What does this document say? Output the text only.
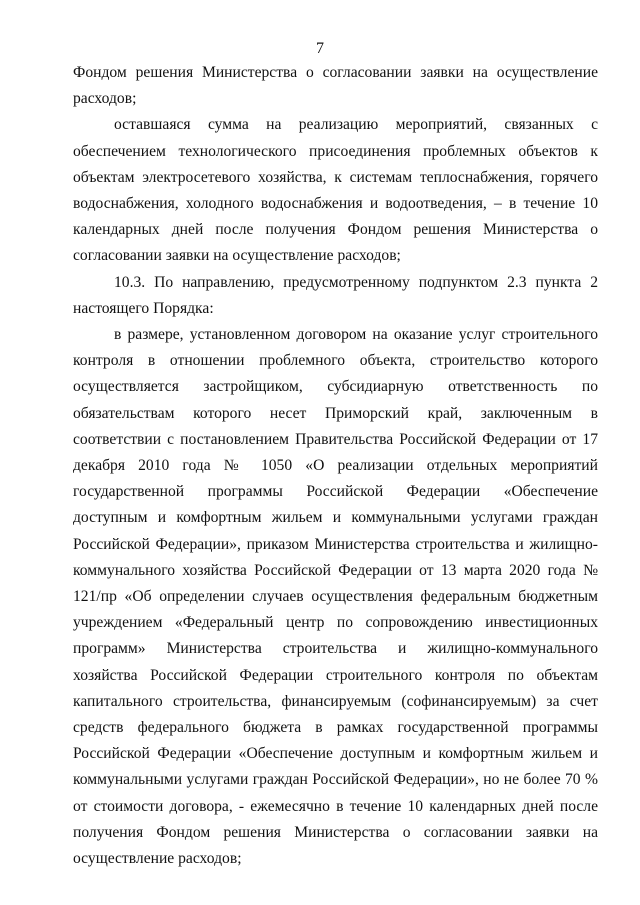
7

Фондом решения Министерства о согласовании заявки на осуществление расходов;

оставшаяся сумма на реализацию мероприятий, связанных с обеспечением технологического присоединения проблемных объектов к объектам электросетевого хозяйства, к системам теплоснабжения, горячего водоснабжения, холодного водоснабжения и водоотведения, – в течение 10 календарных дней после получения Фондом решения Министерства о согласовании заявки на осуществление расходов;

10.3. По направлению, предусмотренному подпунктом 2.3 пункта 2 настоящего Порядка:

в размере, установленном договором на оказание услуг строительного контроля в отношении проблемного объекта, строительство которого осуществляется застройщиком, субсидиарную ответственность по обязательствам которого несет Приморский край, заключенным в соответствии с постановлением Правительства Российской Федерации от 17 декабря 2010 года № 1050 «О реализации отдельных мероприятий государственной программы Российской Федерации «Обеспечение доступным и комфортным жильем и коммунальными услугами граждан Российской Федерации», приказом Министерства строительства и жилищно-коммунального хозяйства Российской Федерации от 13 марта 2020 года № 121/пр «Об определении случаев осуществления федеральным бюджетным учреждением «Федеральный центр по сопровождению инвестиционных программ» Министерства строительства и жилищно-коммунального хозяйства Российской Федерации строительного контроля по объектам капитального строительства, финансируемым (софинансируемым) за счет средств федерального бюджета в рамках государственной программы Российской Федерации «Обеспечение доступным и комфортным жильем и коммунальными услугами граждан Российской Федерации», но не более 70 % от стоимости договора, - ежемесячно в течение 10 календарных дней после получения Фондом решения Министерства о согласовании заявки на осуществление расходов;
